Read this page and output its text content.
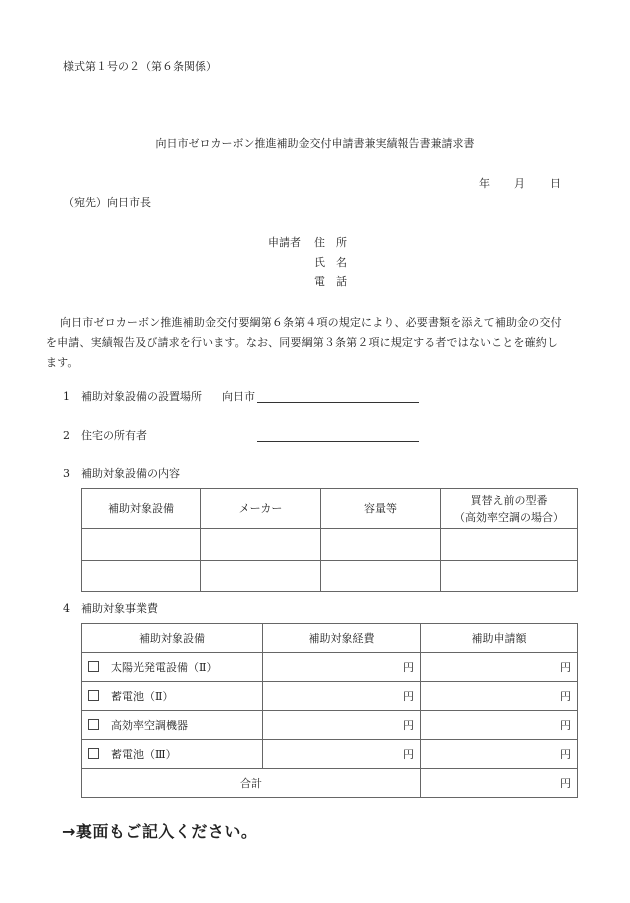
様式第１号の２（第６条関係）
向日市ゼロカーボン推進補助金交付申請書兼実績報告書兼請求書
年 月 日
（宛先）向日市長
申請者 住　所
氏　名
電　話
向日市ゼロカーボン推進補助金交付要綱第６条第４項の規定により、必要書類を添えて補助金の交付
を申請、実績報告及び請求を行います。なお、同要綱第３条第２項に規定する者ではないことを確約し
ます。
1 補助対象設備の設置場所 向日市
2 住宅の所有者
3 補助対象設備の内容
補助対象設備	メーカー	容量等	買替え前の型番
（高効率空調の場合）

4 補助対象事業費
補助対象設備	補助対象経費	補助申請額
太陽光発電設備（Ⅱ）	円	円
蓄電池（Ⅱ）	円	円
高効率空調機器	円	円
蓄電池（Ⅲ）	円	円
合計		円
→裏面もご記入ください。
